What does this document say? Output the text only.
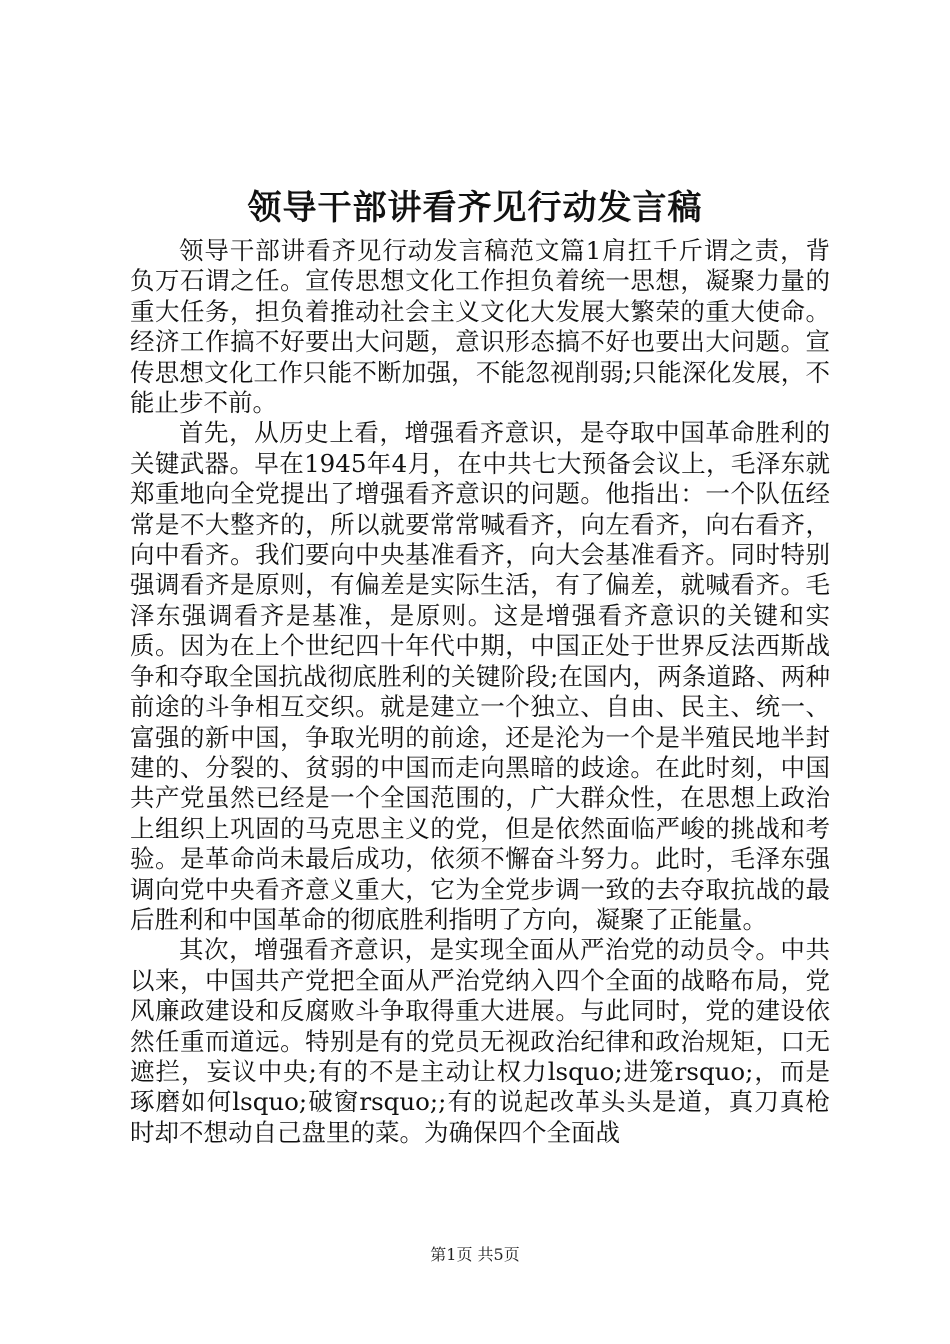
领导干部讲看齐见行动发言稿

领导干部讲看齐见行动发言稿范文篇1肩扛千斤谓之责，背负万石谓之任。宣传思想文化工作担负着统一思想，凝聚力量的重大任务，担负着推动社会主义文化大发展大繁荣的重大使命。经济工作搞不好要出大问题，意识形态搞不好也要出大问题。宣传思想文化工作只能不断加强，不能忽视削弱;只能深化发展，不能止步不前。

首先，从历史上看，增强看齐意识，是夺取中国革命胜利的关键武器。早在1945年4月，在中共七大预备会议上，毛泽东就郑重地向全党提出了增强看齐意识的问题。他指出：一个队伍经常是不大整齐的，所以就要常常喊看齐，向左看齐，向右看齐，向中看齐。我们要向中央基准看齐，向大会基准看齐。同时特别强调看齐是原则，有偏差是实际生活，有了偏差，就喊看齐。毛泽东强调看齐是基准，是原则。这是增强看齐意识的关键和实质。因为在上个世纪四十年代中期，中国正处于世界反法西斯战争和夺取全国抗战彻底胜利的关键阶段;在国内，两条道路、两种前途的斗争相互交织。就是建立一个独立、自由、民主、统一、富强的新中国，争取光明的前途，还是沦为一个是半殖民地半封建的、分裂的、贫弱的中国而走向黑暗的歧途。在此时刻，中国共产党虽然已经是一个全国范围的，广大群众性，在思想上政治上组织上巩固的马克思主义的党，但是依然面临严峻的挑战和考验。是革命尚未最后成功，依须不懈奋斗努力。此时，毛泽东强调向党中央看齐意义重大，它为全党步调一致的去夺取抗战的最后胜利和中国革命的彻底胜利指明了方向，凝聚了正能量。

其次，增强看齐意识，是实现全面从严治党的动员令。中共以来，中国共产党把全面从严治党纳入四个全面的战略布局，党风廉政建设和反腐败斗争取得重大进展。与此同时，党的建设依然任重而道远。特别是有的党员无视政治纪律和政治规矩，口无遮拦，妄议中央;有的不是主动让权力lsquo;进笼rsquo;，而是琢磨如何lsquo;破窗rsquo;;有的说起改革头头是道，真刀真枪时却不想动自己盘里的菜。为确保四个全面战

第1页 共5页
